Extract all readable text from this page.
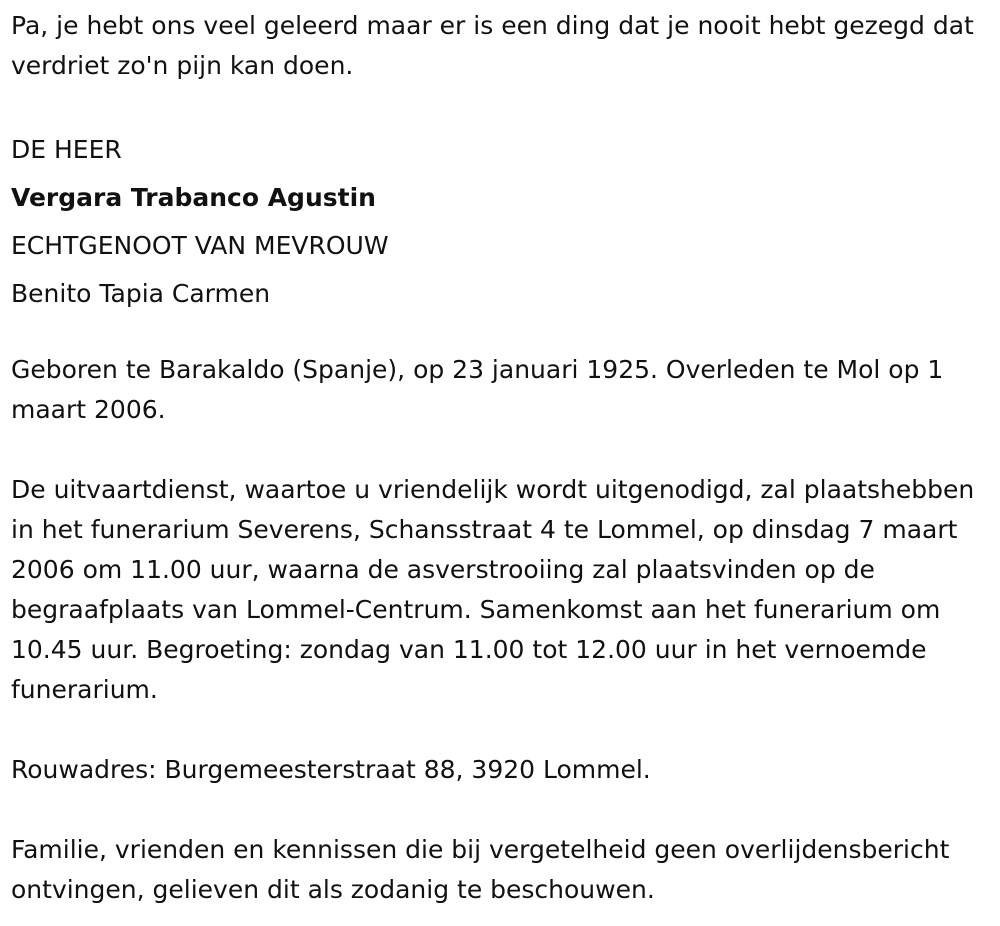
Pa, je hebt ons veel geleerd maar er is een ding dat je nooit hebt gezegd dat verdriet zo'n pijn kan doen.

DE HEER
Vergara Trabanco Agustin
ECHTGENOOT VAN MEVROUW
Benito Tapia Carmen

Geboren te Barakaldo (Spanje), op 23 januari 1925. Overleden te Mol op 1 maart 2006.

De uitvaartdienst, waartoe u vriendelijk wordt uitgenodigd, zal plaatshebben in het funerarium Severens, Schansstraat 4 te Lommel, op dinsdag 7 maart 2006 om 11.00 uur, waarna de asverstrooiing zal plaatsvinden op de begraafplaats van Lommel-Centrum. Samenkomst aan het funerarium om 10.45 uur. Begroeting: zondag van 11.00 tot 12.00 uur in het vernoemde funerarium.

Rouwadres: Burgemeesterstraat 88, 3920 Lommel.

Familie, vrienden en kennissen die bij vergetelheid geen overlijdensbericht ontvingen, gelieven dit als zodanig te beschouwen.
